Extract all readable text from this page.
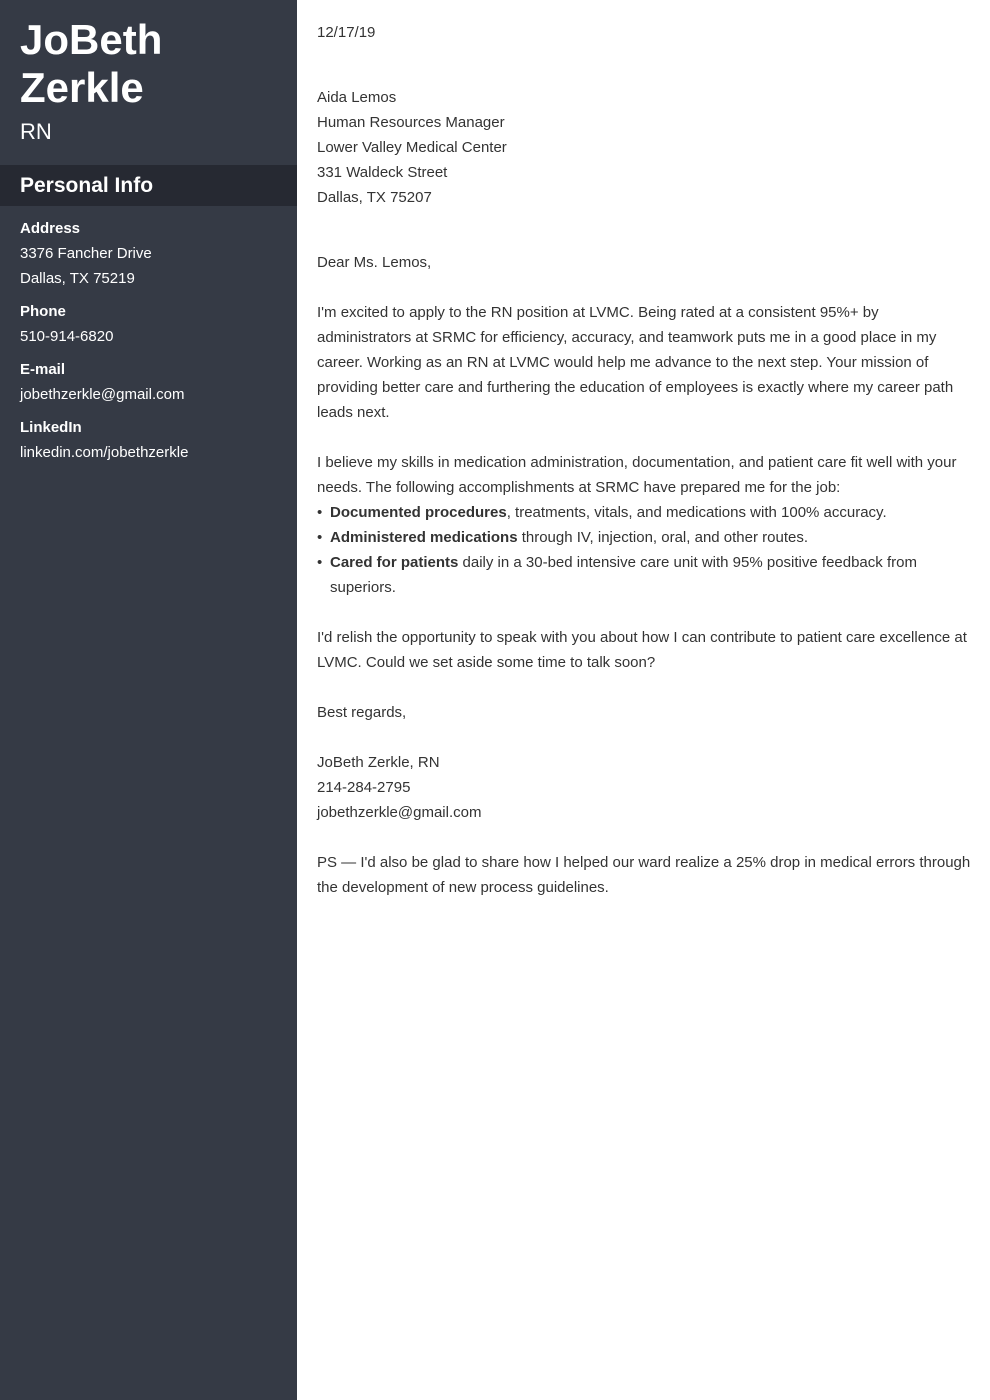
JoBeth
Zerkle
RN
Personal Info
Address
3376 Fancher Drive
Dallas, TX 75219
Phone
510-914-6820
E-mail
jobethzerkle@gmail.com
LinkedIn
linkedin.com/jobethzerkle
12/17/19
Aida Lemos
Human Resources Manager
Lower Valley Medical Center
331 Waldeck Street
Dallas, TX 75207
Dear Ms. Lemos,

I'm excited to apply to the RN position at LVMC. Being rated at a consistent 95%+ by administrators at SRMC for efficiency, accuracy, and teamwork puts me in a good place in my career. Working as an RN at LVMC would help me advance to the next step. Your mission of providing better care and furthering the education of employees is exactly where my career path leads next.

I believe my skills in medication administration, documentation, and patient care fit well with your needs. The following accomplishments at SRMC have prepared me for the job:

• Documented procedures, treatments, vitals, and medications with 100% accuracy.
• Administered medications through IV, injection, oral, and other routes.
• Cared for patients daily in a 30-bed intensive care unit with 95% positive feedback from superiors.

I'd relish the opportunity to speak with you about how I can contribute to patient care excellence at LVMC. Could we set aside some time to talk soon?

Best regards,
JoBeth Zerkle, RN
214-284-2795
jobethzerkle@gmail.com

PS — I'd also be glad to share how I helped our ward realize a 25% drop in medical errors through the development of new process guidelines.
